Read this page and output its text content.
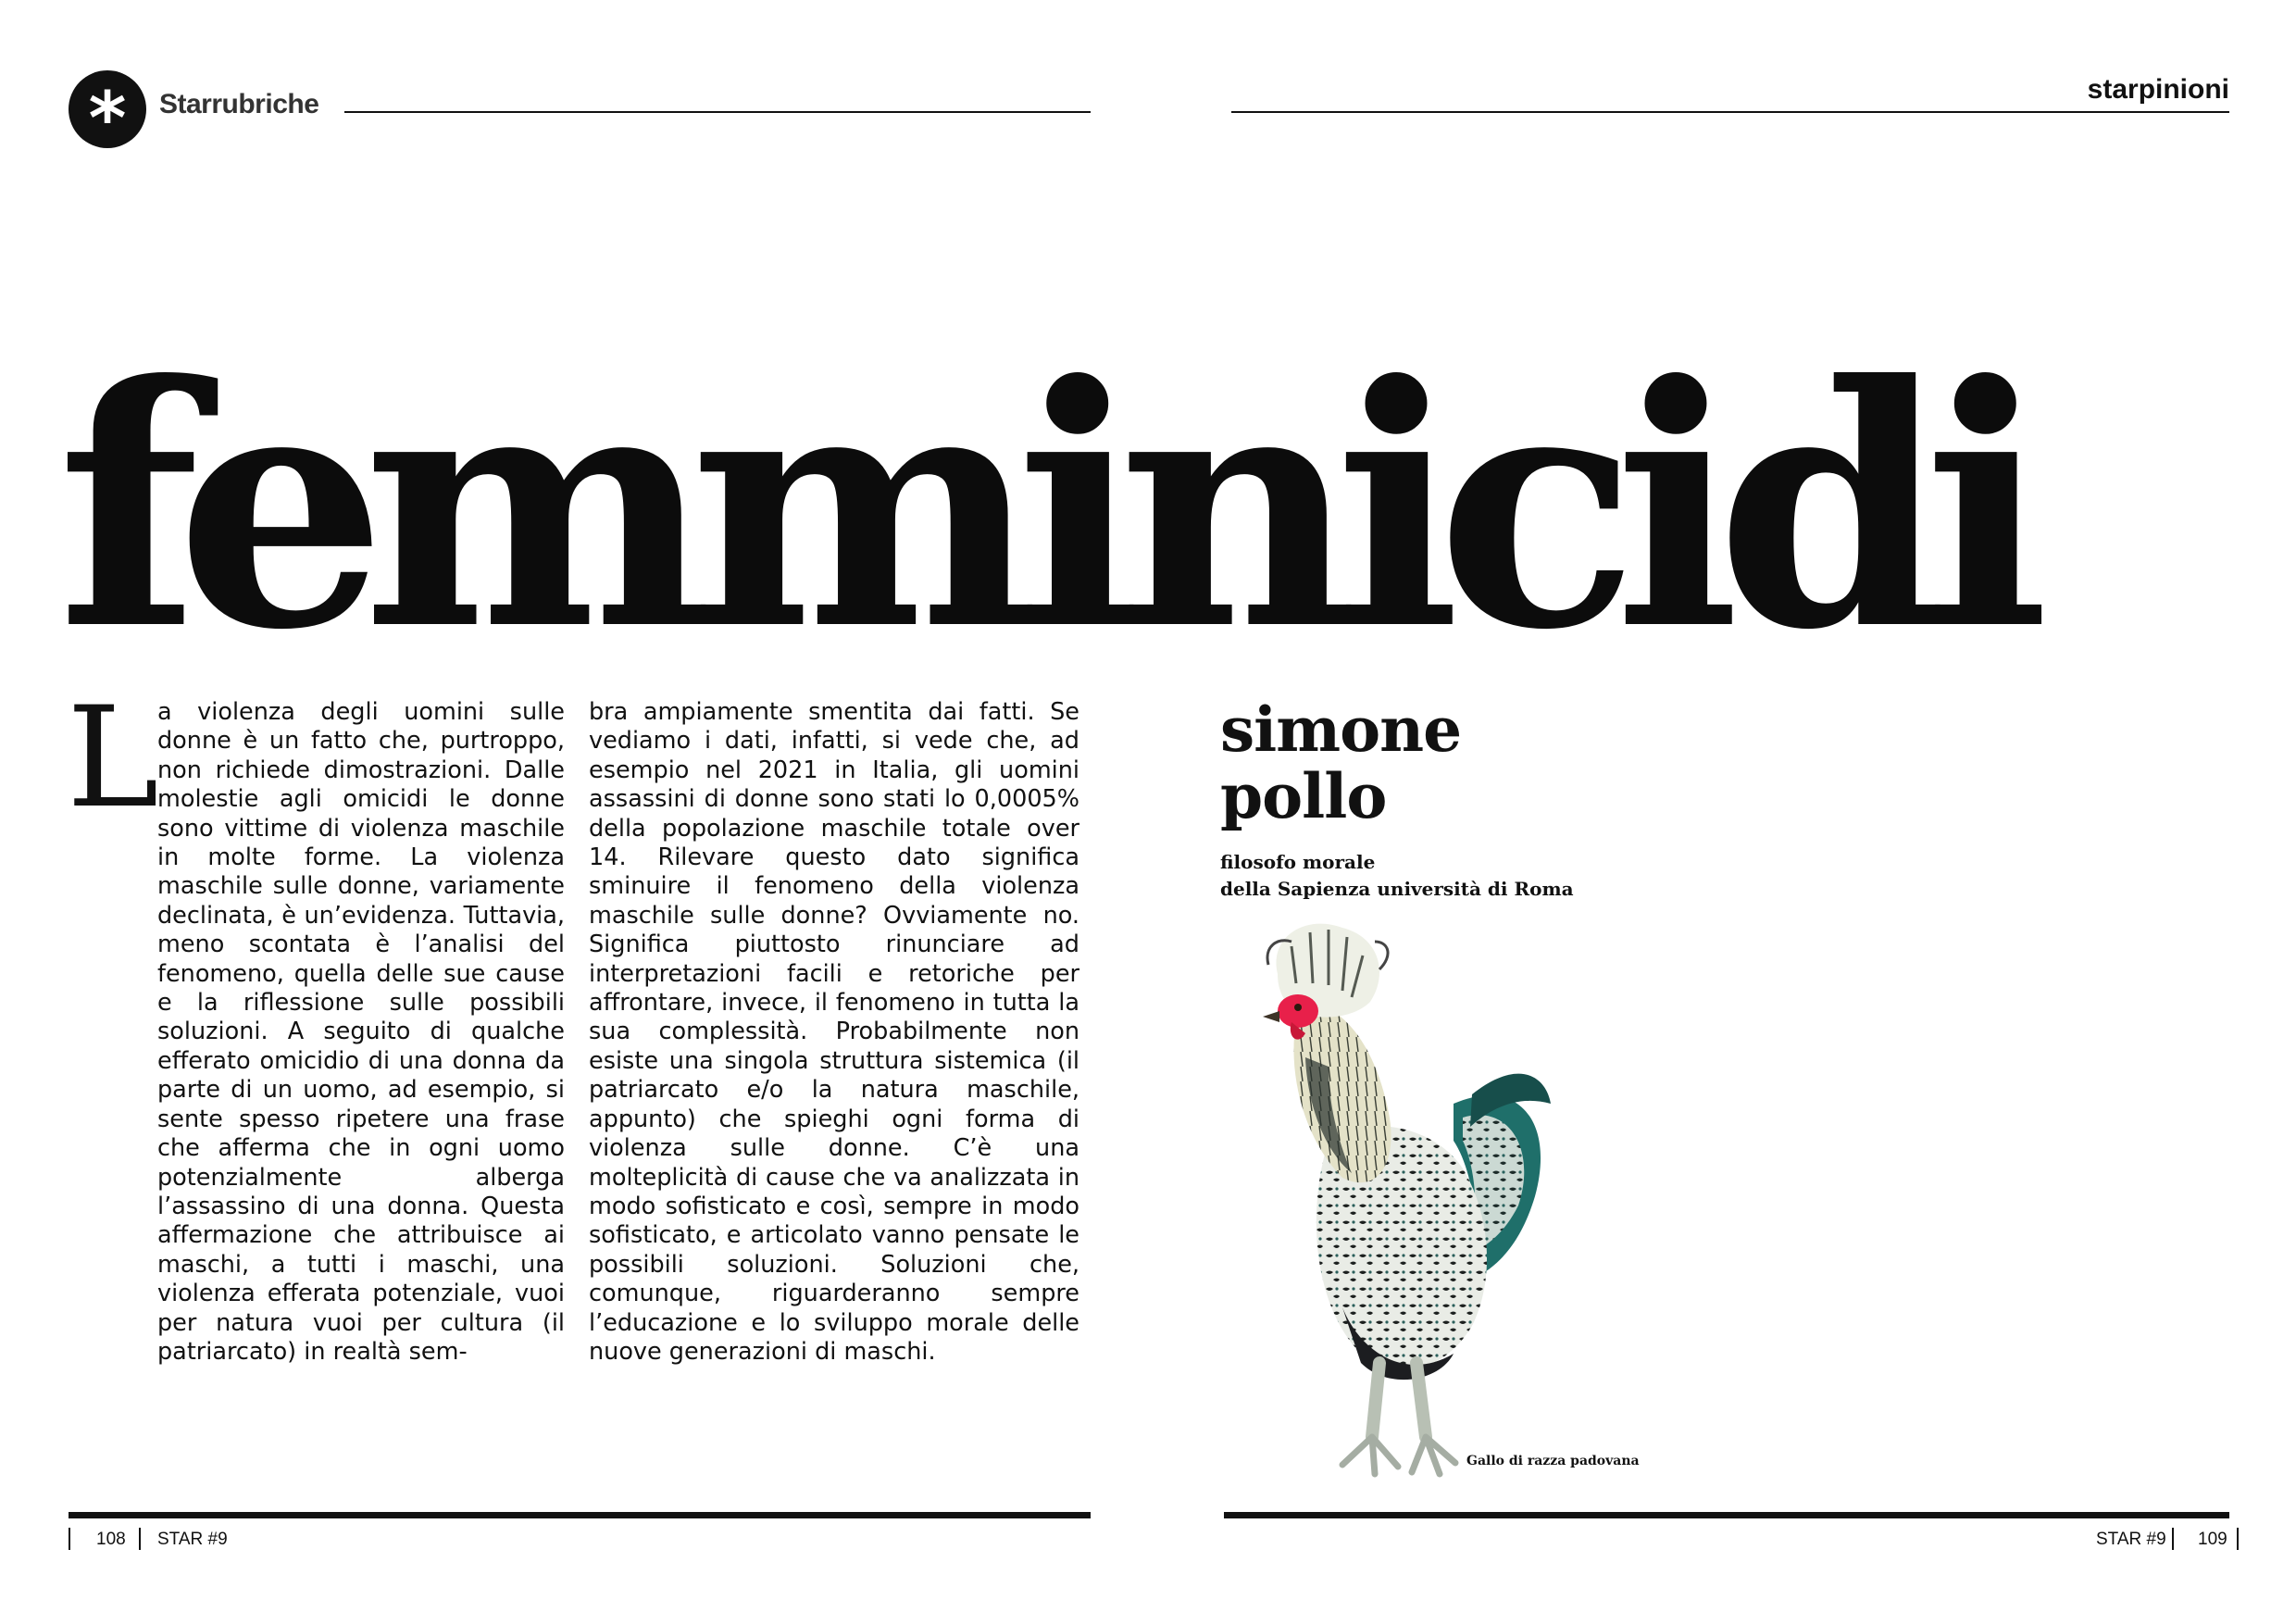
* Starrubriche	starpinioni
femminicidi
L
a violenza degli uomini sulle donne è un fatto che, purtroppo, non richiede dimostrazioni. Dalle molestie agli omicidi le donne sono vittime di violenza maschile in molte forme. La violenza maschile sulle donne, variamente declinata, è un’evidenza. Tuttavia, meno scontata è l’analisi del fenomeno, quella delle sue cause e la riflessione sulle possibili soluzioni. A seguito di qualche efferato omicidio di una donna da parte di un uomo, ad esempio, si sente spesso ripetere una frase che afferma che in ogni uomo potenzialmente alberga l’assassino di una donna. Questa affermazione che attribuisce ai maschi, a tutti i maschi, una violenza efferata potenziale, vuoi per natura vuoi per cultura (il patriarcato) in realtà sem-
bra ampiamente smentita dai fatti. Se vediamo i dati, infatti, si vede che, ad esempio nel 2021 in Italia, gli uomini assassini di donne sono stati lo 0,0005% della popolazione maschile totale over 14. Rilevare questo dato significa sminuire il fenomeno della violenza maschile sulle donne? Ovviamente no. Significa piuttosto rinunciare ad interpretazioni facili e retoriche per affrontare, invece, il fenomeno in tutta la sua complessità. Probabilmente non esiste una singola struttura sistemica (il patriarcato e/o la natura maschile, appunto) che spieghi ogni forma di violenza sulle donne. C’è una molteplicità di cause che va analizzata in modo sofisticato e così, sempre in modo sofisticato, e articolato vanno pensate le possibili soluzioni. Soluzioni che, comunque, riguarderanno sempre l’educazione e lo sviluppo morale delle nuove generazioni di maschi.
simone
pollo
filosofo morale
della Sapienza università di Roma
Gallo di razza padovana
108 STAR #9	STAR #9 109
